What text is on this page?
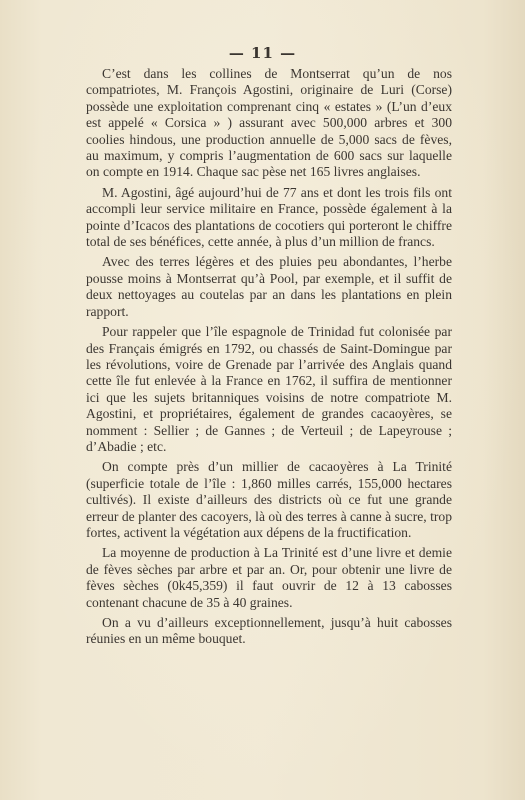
— 11 —

C’est dans les collines de Montserrat qu’un de nos compatriotes, M. François Agostini, originaire de Luri (Corse) possède une exploitation comprenant cinq « estates » (L’un d’eux est appelé « Corsica » ) assurant avec 500,000 arbres et 300 coolies hindous, une production annuelle de 5,000 sacs de fèves, au maximum, y compris l’augmentation de 600 sacs sur laquelle on compte en 1914. Chaque sac pèse net 165 livres anglaises.

M. Agostini, âgé aujourd’hui de 77 ans et dont les trois fils ont accompli leur service militaire en France, possède également à la pointe d’Icacos des plantations de cocotiers qui porteront le chiffre total de ses bénéfices, cette année, à plus d’un million de francs.

Avec des terres légères et des pluies peu abondantes, l’herbe pousse moins à Montserrat qu’à Pool, par exemple, et il suffit de deux nettoyages au coutelas par an dans les plantations en plein rapport.

Pour rappeler que l’île espagnole de Trinidad fut colonisée par des Français émigrés en 1792, ou chassés de Saint-Domingue par les révolutions, voire de Grenade par l’arrivée des Anglais quand cette île fut enlevée à la France en 1762, il suffira de mentionner ici que les sujets britanniques voisins de notre compatriote M. Agostini, et propriétaires, également de grandes cacaoyères, se nomment : Sellier ; de Gannes ; de Verteuil ; de Lapeyrouse ; d’Abadie ; etc.

On compte près d’un millier de cacaoyères à La Trinité (superficie totale de l’île : 1,860 milles carrés, 155,000 hectares cultivés). Il existe d’ailleurs des districts où ce fut une grande erreur de planter des cacoyers, là où des terres à canne à sucre, trop fortes, activent la végétation aux dépens de la fructification.

La moyenne de production à La Trinité est d’une livre et demie de fèves sèches par arbre et par an. Or, pour obtenir une livre de fèves sèches (0k45,359) il faut ouvrir de 12 à 13 cabosses contenant chacune de 35 à 40 graines.

On a vu d’ailleurs exceptionnellement, jusqu’à huit cabosses réunies en un même bouquet.
